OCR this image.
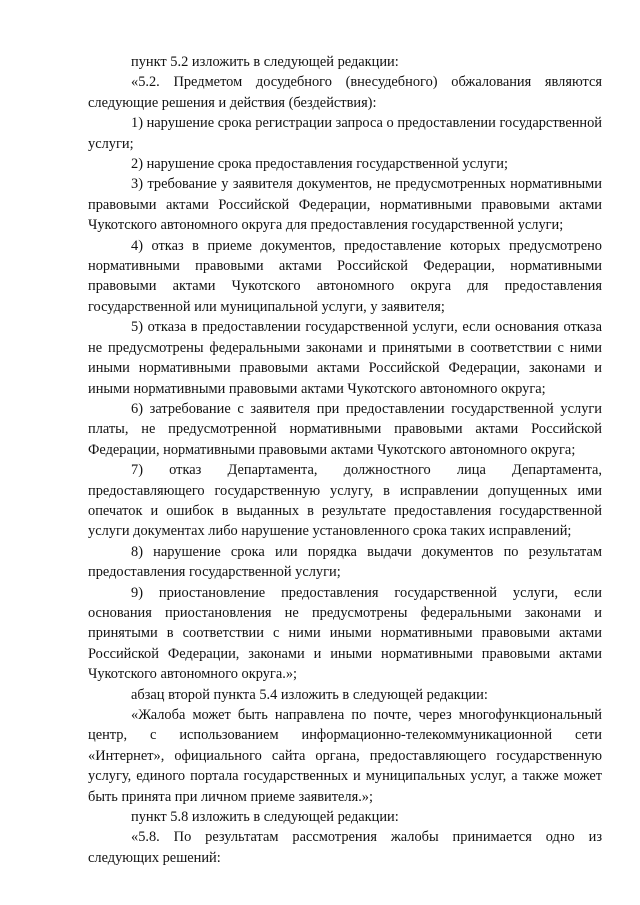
пункт 5.2 изложить в следующей редакции:

«5.2. Предметом досудебного (внесудебного) обжалования являются следующие решения и действия (бездействия):

1) нарушение срока регистрации запроса о предоставлении государственной услуги;

2) нарушение срока предоставления государственной услуги;

3) требование у заявителя документов, не предусмотренных нормативными правовыми актами Российской Федерации, нормативными правовыми актами Чукотского автономного округа для предоставления государственной услуги;

4) отказ в приеме документов, предоставление которых предусмотрено нормативными правовыми актами Российской Федерации, нормативными правовыми актами Чукотского автономного округа для предоставления государственной или муниципальной услуги, у заявителя;

5) отказа в предоставлении государственной услуги, если основания отказа не предусмотрены федеральными законами и принятыми в соответствии с ними иными нормативными правовыми актами Российской Федерации, законами и иными нормативными правовыми актами Чукотского автономного округа;

6) затребование с заявителя при предоставлении государственной услуги платы, не предусмотренной нормативными правовыми актами Российской Федерации, нормативными правовыми актами Чукотского автономного округа;

7) отказ Департамента, должностного лица Департамента, предоставляющего государственную услугу, в исправлении допущенных ими опечаток и ошибок в выданных в результате предоставления государственной услуги документах либо нарушение установленного срока таких исправлений;

8) нарушение срока или порядка выдачи документов по результатам предоставления государственной услуги;

9) приостановление предоставления государственной услуги, если основания приостановления не предусмотрены федеральными законами и принятыми в соответствии с ними иными нормативными правовыми актами Российской Федерации, законами и иными нормативными правовыми актами Чукотского автономного округа.»;

абзац второй пункта 5.4 изложить в следующей редакции:

«Жалоба может быть направлена по почте, через многофункциональный центр, с использованием информационно-телекоммуникационной сети «Интернет», официального сайта органа, предоставляющего государственную услугу, единого портала государственных и муниципальных услуг, а также может быть принята при личном приеме заявителя.»;

пункт 5.8 изложить в следующей редакции:

«5.8. По результатам рассмотрения жалобы принимается одно из следующих решений:
